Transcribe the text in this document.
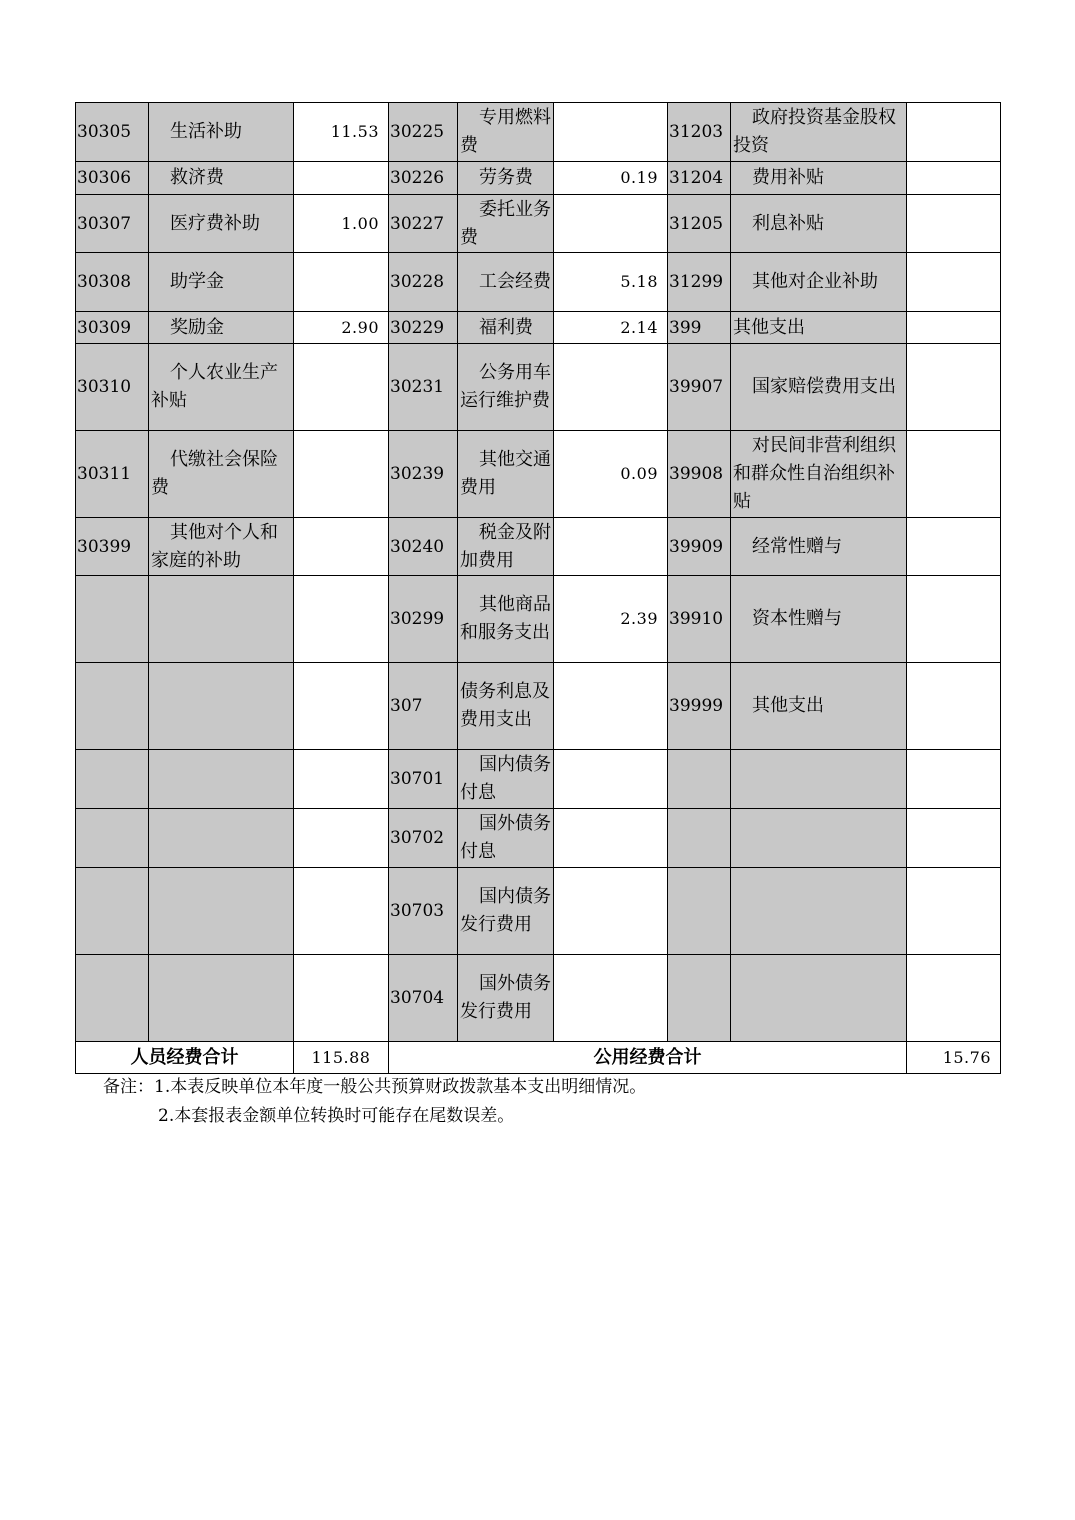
30305	生活补助	11.53	30225	专用燃料费		31203	政府投资基金股权投资	
30306	救济费		30226	劳务费	0.19	31204	费用补贴	
30307	医疗费补助	1.00	30227	委托业务费		31205	利息补贴	
30308	助学金		30228	工会经费	5.18	31299	其他对企业补助	
30309	奖励金	2.90	30229	福利费	2.14	399	其他支出	
30310	个人农业生产补贴		30231	公务用车运行维护费		39907	国家赔偿费用支出	
30311	代缴社会保险费		30239	其他交通费用	0.09	39908	对民间非营利组织和群众性自治组织补贴	
30399	其他对个人和家庭的补助		30240	税金及附加费用		39909	经常性赠与	
			30299	其他商品和服务支出	2.39	39910	资本性赠与	
			307	债务利息及费用支出		39999	其他支出	
			30701	国内债务付息				
			30702	国外债务付息				
			30703	国内债务发行费用				
			30704	国外债务发行费用				
人员经费合计		115.88	公用经费合计					15.76
备注：1.本表反映单位本年度一般公共预算财政拨款基本支出明细情况。
2.本套报表金额单位转换时可能存在尾数误差。
